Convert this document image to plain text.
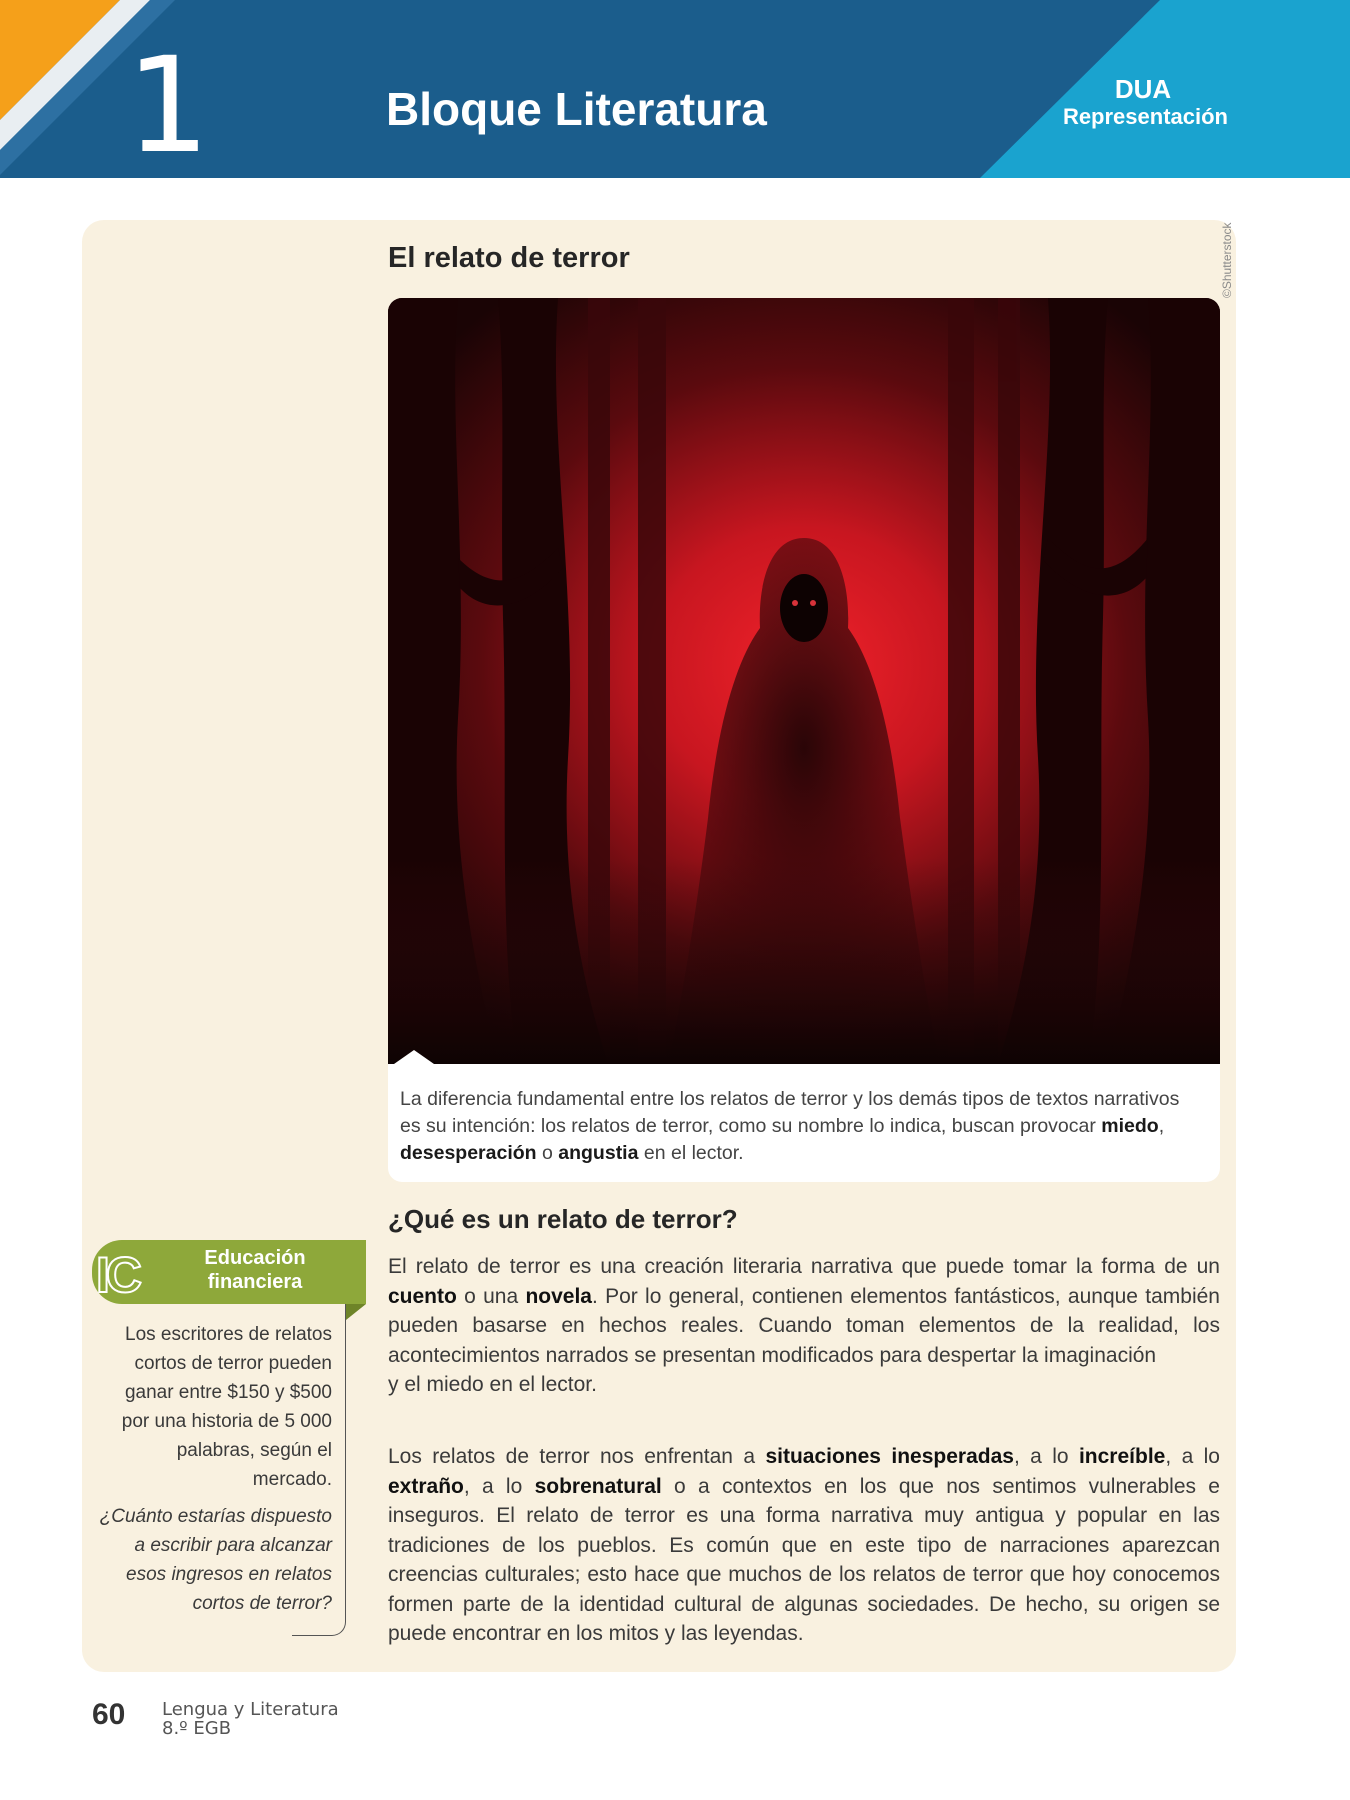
1	Bloque Literatura	DUA
Representación
El relato de terror	©Shutterstock

La diferencia fundamental entre los relatos de terror y los demás tipos de textos narrativos es su intención: los relatos de terror, como su nombre lo indica, buscan provocar miedo, desesperación o angustia en el lector.

¿Qué es un relato de terror?

El relato de terror es una creación literaria narrativa que puede tomar la forma de un cuento o una novela. Por lo general, contienen elementos fantásticos, aunque también pueden basarse en hechos reales. Cuando toman elementos de la realidad, los acontecimientos narrados se presentan modificados para despertar la imaginación
y el miedo en el lector.

Los relatos de terror nos enfrentan a situaciones inesperadas, a lo increíble, a lo extraño, a lo sobrenatural o a contextos en los que nos sentimos vulnerables e inseguros. El relato de terror es una forma narrativa muy antigua y popular en las tradiciones de los pueblos. Es común que en este tipo de narraciones aparezcan creencias culturales; esto hace que muchos de los relatos de terror que hoy conocemos formen parte de la identidad cultural de algunas sociedades. De hecho, su origen se puede encontrar en los mitos y las leyendas.

IC	Educación financiera

Los escritores de relatos cortos de terror pueden ganar entre $150 y $500 por una historia de 5 000 palabras, según el mercado.

¿Cuánto estarías dispuesto a escribir para alcanzar esos ingresos en relatos cortos de terror?

60 Lengua y Literatura
8.º EGB
